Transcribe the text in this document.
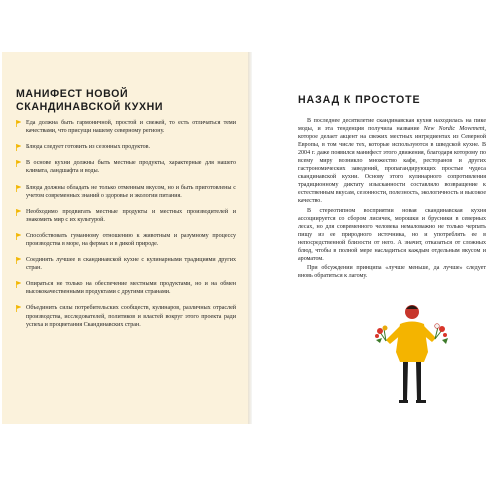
МАНИФЕСТ НОВОЙ
СКАНДИНАВСКОЙ КУХНИ
Еда должна быть гармоничной, простой и свежей, то есть отличаться теми качествами, что присущи нашему северному региону.
Блюда следует готовить из сезонных продуктов.
В основе кухни должны быть местные продукты, характерные для нашего климата, ландшафта и воды.
Блюда должны обладать не только отменным вкусом, но и быть приготовлены с учетом современных знаний о здоровье и экологии питания.
Необходимо продвигать местные продукты и местных производителей и знакомить мир с их культурой.
Способствовать гуманному отношению к животным и разумному процессу производства в море, на фермах и в дикой природе.
Соединять лучшее в скандинавской кухне с кулинарными традициями других стран.
Опираться не только на обеспечение местными продуктами, но и на обмен высококачественными продуктами с другими странами.
Объединить силы потребительских сообществ, кулинаров, различных отраслей производства, исследователей, политиков и властей вокруг этого проекта ради успеха и процветания Скандинавских стран.
НАЗАД К ПРОСТОТЕ

В последнее десятилетие скандинавская кухня находилась на пике моды, и эта тенденция получила название New Nordic Movement, которое делает акцент на свежих местных ингредиентах из Северной Европы, в том числе тех, которые используются в шведской кухне. В 2004 г. даже появился манифест этого движения, благодаря которому по всему миру возникло множество кафе, ресторанов и других гастрономических заведений, пропагандирующих простые чудеса скандинавской кухни. Основу этого кулинарного сопротивления традиционному диктату изысканности составляло возвращение к естественным вкусам, сезонности, полезность, экологичность и высокое качество.

В стереотипном восприятии новая скандинавская кухня ассоциируется со сбором лисичек, морошки и брусники в северных лесах, но для современного человека немаловажно не только черпать пищу из ее природного источника, но и употреблять ее в непосредственной близости от него. А значит, отказаться от сложных блюд, чтобы в полной мере насладиться каждым отдельным вкусом и ароматом.

При обсуждении принципа «лучше меньше, да лучше» следует вновь обратиться к лагому.
